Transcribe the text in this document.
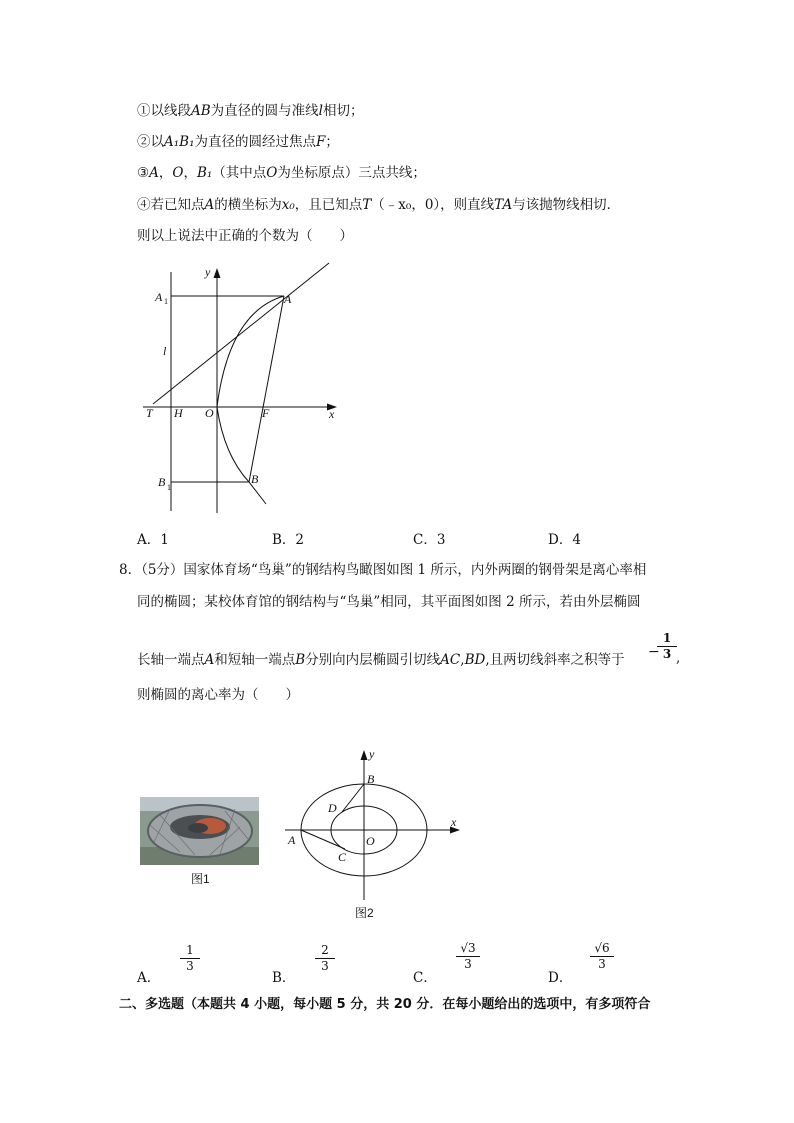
①以线段AB为直径的圆与准线l相切；
②以A₁B₁为直径的圆经过焦点F；
③A，O，B₁（其中点O为坐标原点）三点共线；
④若已知点A的横坐标为x₀，且已知点T（﹣x₀，0），则直线TA与该抛物线相切．
则以上说法中正确的个数为（　　）
y
x
A 1	A
l
T H O	F
B 1
B
A．1	B．2	C．3	D．4
8．（5分）国家体育场“鸟巢”的钢结构鸟瞰图如图 1 所示，内外两圈的钢骨架是离心率相
同的椭圆；某校体育馆的钢结构与“鸟巢”相同，其平面图如图 2 所示，若由外层椭圆
长轴一端点A和短轴一端点B分别向内层椭圆引切线AC,BD,且两切线斜率之积等于 −
$\frac{1}{3}$ ,
则椭圆的离心率为（　　）
图1
y
x
B
D
A	O
C
图2
A．
$\frac{1}{3}$
B．
$\frac{2}{3}$
C．
$\frac{√3}{3}$
D．
$\frac{√6}{3}$
二、多选题（本题共 4 小题，每小题 5 分，共 20 分．在每小题给出的选项中，有多项符合
